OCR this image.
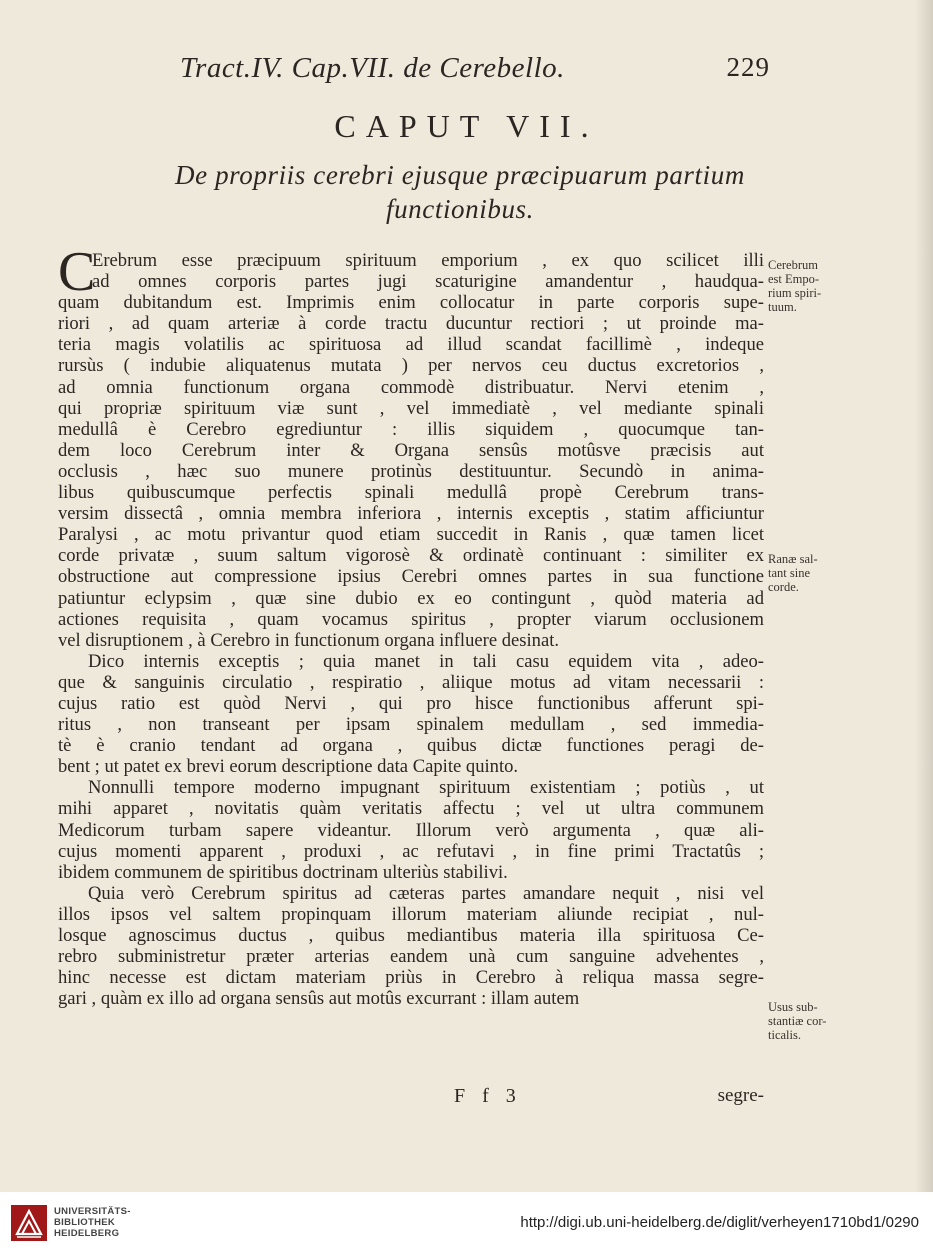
Tract.IV. Cap.VII. de Cerebello.	229
CAPUT VII.
De propriis cerebri ejusque præcipuarum partium
functionibus.
C
Erebrum esse præcipuum spirituum emporium , ex quo scilicet illi
ad omnes corporis partes jugi scaturigine amandentur , haudqua-
quam dubitandum est. Imprimis enim collocatur in parte corporis supe-
riori , ad quam arteriæ à corde tractu ducuntur rectiori ; ut proinde ma-
teria magis volatilis ac spirituosa ad illud scandat facillimè , indeque
rursùs ( indubie aliquatenus mutata ) per nervos ceu ductus excretorios ,
ad omnia functionum organa commodè distribuatur. Nervi etenim ,
qui propriæ spirituum viæ sunt , vel immediatè , vel mediante spinali
medullâ è Cerebro egrediuntur : illis siquidem , quocumque tan-
dem loco Cerebrum inter & Organa sensûs motûsve præcisis aut
occlusis , hæc suo munere protinùs destituuntur. Secundò in anima-
libus quibuscumque perfectis spinali medullâ propè Cerebrum trans-
versim dissectâ , omnia membra inferiora , internis exceptis , statim afficiuntur
Paralysi , ac motu privantur quod etiam succedit in Ranis , quæ tamen licet
corde privatæ , suum saltum vigorosè & ordinatè continuant : similiter ex
obstructione aut compressione ipsius Cerebri omnes partes in sua functione
patiuntur eclypsim , quæ sine dubio ex eo contingunt , quòd materia ad
actiones requisita , quam vocamus spiritus , propter viarum occlusionem
vel disruptionem , à Cerebro in functionum organa influere desinat.
Dico internis exceptis ; quia manet in tali casu equidem vita , adeo-
que & sanguinis circulatio , respiratio , aliique motus ad vitam necessarii :
cujus ratio est quòd Nervi , qui pro hisce functionibus afferunt spi-
ritus , non transeant per ipsam spinalem medullam , sed immedia-
tè è cranio tendant ad organa , quibus dictæ functiones peragi de-
bent ; ut patet ex brevi eorum descriptione data Capite quinto.
Nonnulli tempore moderno impugnant spirituum existentiam ; potiùs , ut
mihi apparet , novitatis quàm veritatis affectu ; vel ut ultra communem
Medicorum turbam sapere videantur. Illorum verò argumenta , quæ ali-
cujus momenti apparent , produxi , ac refutavi , in fine primi Tractatûs ;
ibidem communem de spiritibus doctrinam ulteriùs stabilivi.
Quia verò Cerebrum spiritus ad cæteras partes amandare nequit , nisi vel
illos ipsos vel saltem propinquam illorum materiam aliunde recipiat , nul-
losque agnoscimus ductus , quibus mediantibus materia illa spirituosa Ce-
rebro subministretur præter arterias eandem unà cum sanguine advehentes ,
hinc necesse est dictam materiam priùs in Cerebro à reliqua massa segre-
gari , quàm ex illo ad organa sensûs aut motûs excurrant : illam autem
Cerebrum
est Empo-
rium spiri-
tuum.
Ranæ sal-
tant sine
corde.
Usus sub-
stantiæ cor-
ticalis.
F f 3	segre-
UNIVERSITÄTS-
BIBLIOTHEK
HEIDELBERG
http://digi.ub.uni-heidelberg.de/diglit/verheyen1710bd1/0290
